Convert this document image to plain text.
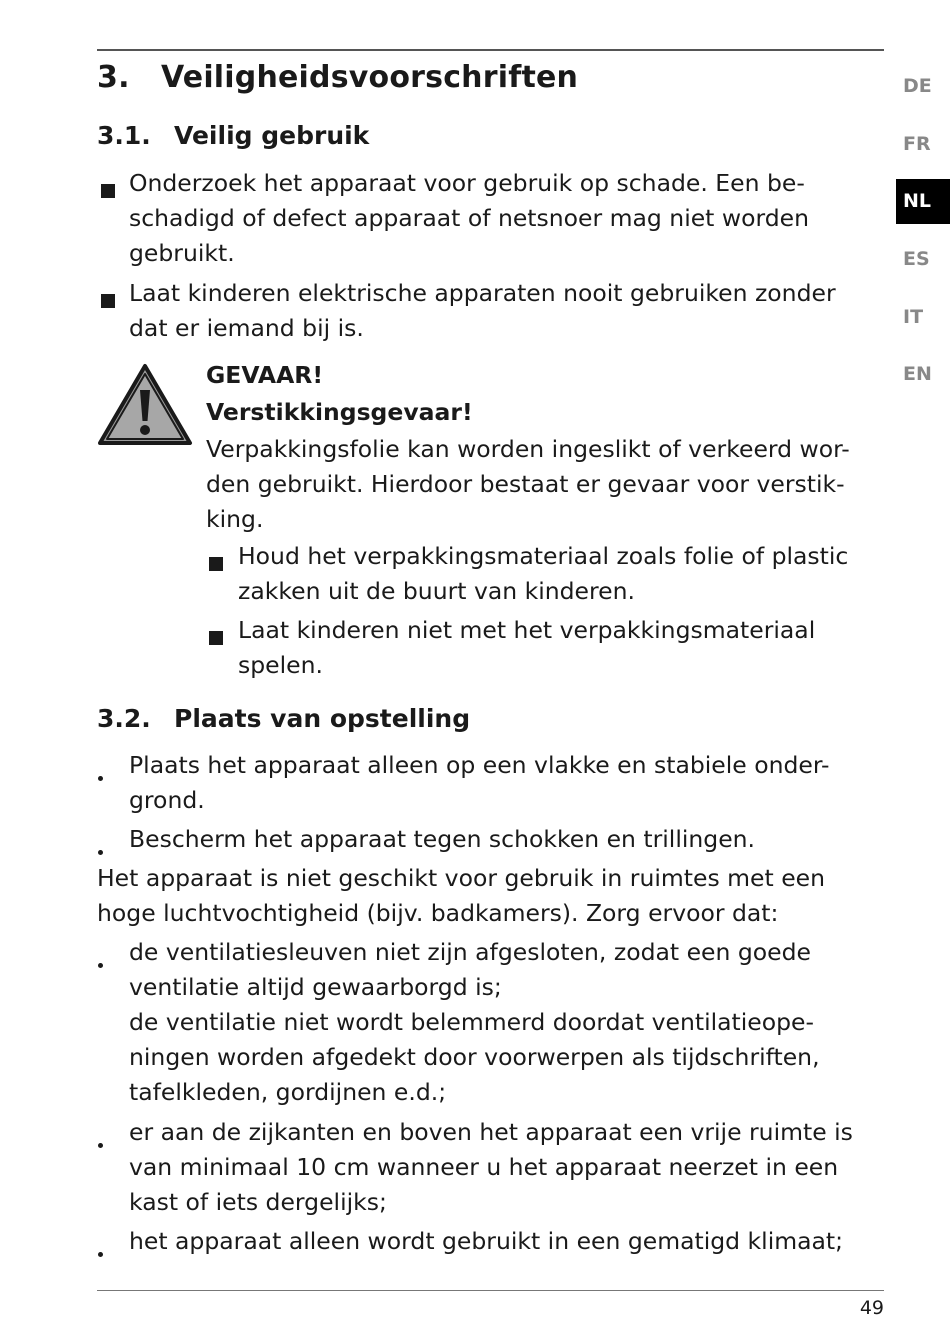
3. Veiligheidsvoorschriften
3.1. Veilig gebruik
Onderzoek het apparaat voor gebruik op schade. Een be-
schadigd of defect apparaat of netsnoer mag niet worden
gebruikt.
Laat kinderen elektrische apparaten nooit gebruiken zonder
dat er iemand bij is.
GEVAAR!
Verstikkingsgevaar!
Verpakkingsfolie kan worden ingeslikt of verkeerd wor-
den gebruikt. Hierdoor bestaat er gevaar voor verstik-
king.
Houd het verpakkingsmateriaal zoals folie of plastic
zakken uit de buurt van kinderen.
Laat kinderen niet met het verpakkingsmateriaal
spelen.
3.2. Plaats van opstelling
Plaats het apparaat alleen op een vlakke en stabiele onder-
grond.
Bescherm het apparaat tegen schokken en trillingen.
Het apparaat is niet geschikt voor gebruik in ruimtes met een
hoge luchtvochtigheid (bijv. badkamers). Zorg ervoor dat:
de ventilatiesleuven niet zijn afgesloten, zodat een goede
ventilatie altijd gewaarborgd is;
de ventilatie niet wordt belemmerd doordat ventilatieope-
ningen worden afgedekt door voorwerpen als tijdschriften,
tafelkleden, gordijnen e.d.;
er aan de zijkanten en boven het apparaat een vrije ruimte is
van minimaal 10 cm wanneer u het apparaat neerzet in een
kast of iets dergelijks;
het apparaat alleen wordt gebruikt in een gematigd klimaat;
DE
FR
NL
ES
IT
EN
49
